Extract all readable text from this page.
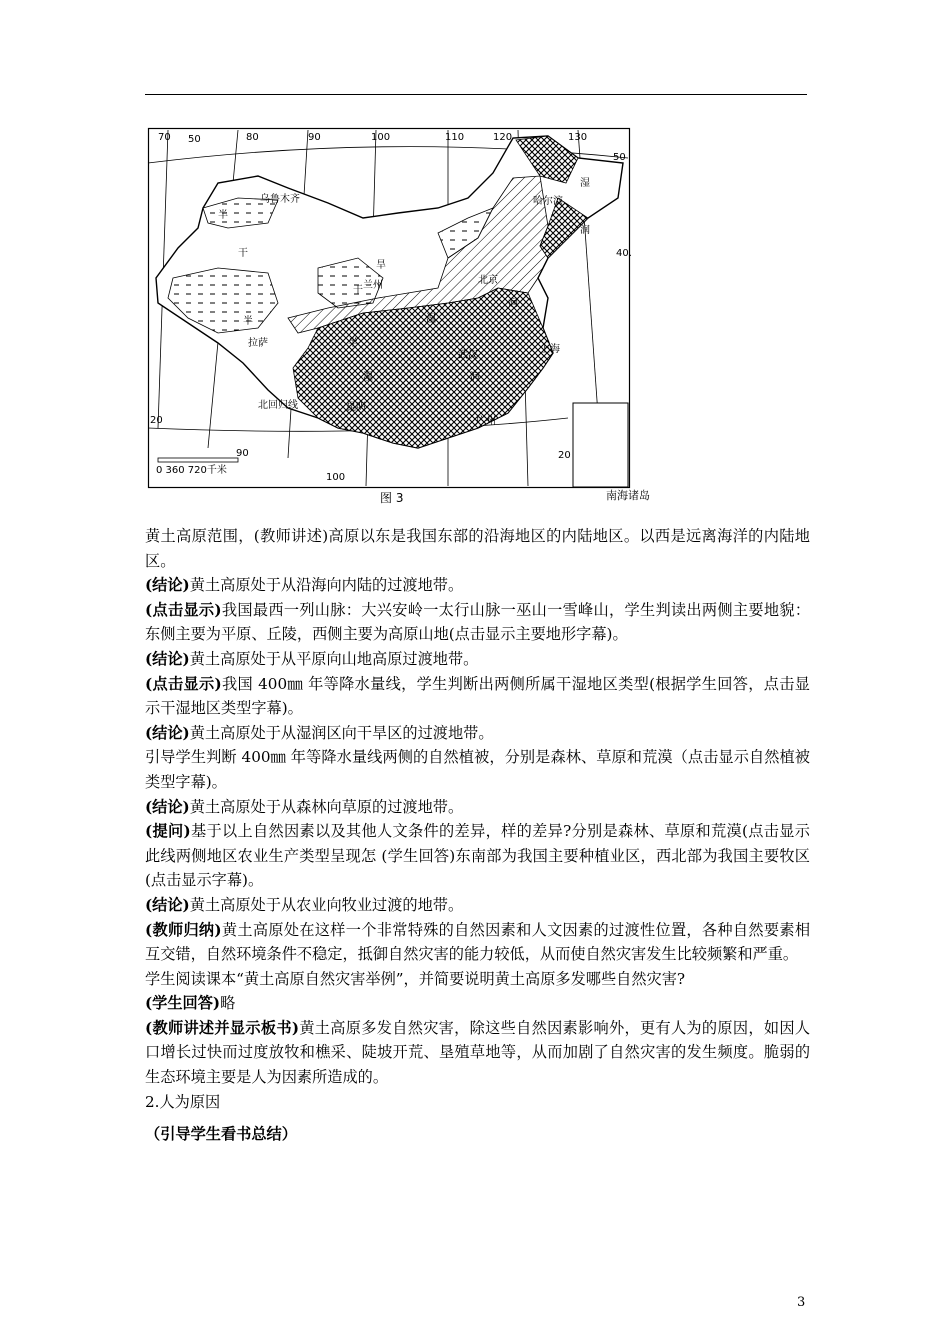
70	80	90	100	110	120	130
50
50
40.
20
20
90
100
0 360 720千米
乌鲁木齐	哈尔滨
北京
兰州
拉萨
武汉
上海
昆明
广州
北回归线
半
湿
润
旱
干
半	湿
半
干
湿
润
润
图 3	南海诸岛

黄土高原范围，(教师讲述)高原以东是我国东部的沿海地区的内陆地区。以西是远离海洋的内陆地区。

(结论)黄土高原处于从沿海向内陆的过渡地带。

(点击显示)我国最西一列山脉：大兴安岭一太行山脉一巫山一雪峰山，学生判读出两侧主要地貌：东侧主要为平原、丘陵，西侧主要为高原山地(点击显示主要地形字幕)。

(结论)黄土高原处于从平原向山地高原过渡地带。

(点击显示)我国 400㎜ 年等降水量线，学生判断出两侧所属干湿地区类型(根据学生回答，点击显示干湿地区类型字幕)。

(结论)黄土高原处于从湿润区向干旱区的过渡地带。

引导学生判断 400㎜ 年等降水量线两侧的自然植被，分别是森林、草原和荒漠（点击显示自然植被类型字幕)。

(结论)黄土高原处于从森林向草原的过渡地带。

(提问)基于以上自然因素以及其他人文条件的差异，样的差异?分别是森林、草原和荒漠(点击显示此线两侧地区农业生产类型呈现怎 (学生回答)东南部为我国主要种植业区，西北部为我国主要牧区(点击显示字幕)。

(结论)黄土高原处于从农业向牧业过渡的地带。

(教师归纳)黄土高原处在这样一个非常特殊的自然因素和人文因素的过渡性位置，各种自然要素相互交错，自然环境条件不稳定，抵御自然灾害的能力较低，从而使自然灾害发生比较频繁和严重。

学生阅读课本“黄土高原自然灾害举例”，并简要说明黄土高原多发哪些自然灾害?

(学生回答)略

(教师讲述并显示板书)黄土高原多发自然灾害，除这些自然因素影响外，更有人为的原因，如因人口增长过快而过度放牧和樵采、陡坡开荒、垦殖草地等，从而加剧了自然灾害的发生频度。脆弱的生态环境主要是人为因素所造成的。

2.人为原因

（引导学生看书总结）

3
